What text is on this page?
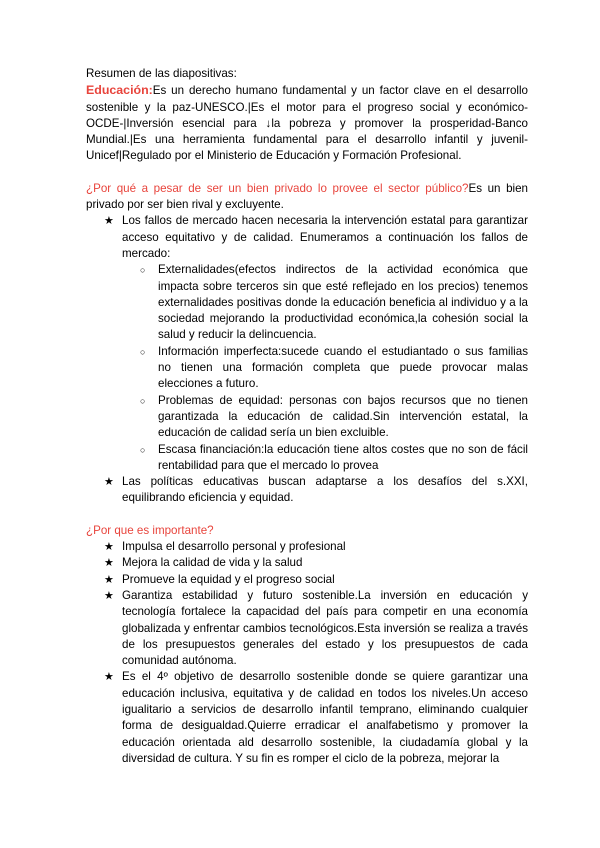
Resumen de las diapositivas:

Educación:Es un derecho humano fundamental y un factor clave en el desarrollo sostenible y la paz-UNESCO.|Es el motor para el progreso social y económico-OCDE-|Inversión esencial para ↓la pobreza y promover la prosperidad-Banco Mundial.|Es una herramienta fundamental para el desarrollo infantil y juvenil-Unicef|Regulado por el Ministerio de Educación y Formación Profesional.

¿Por qué a pesar de ser un bien privado lo provee el sector público?Es un bien privado por ser bien rival y excluyente.

★ Los fallos de mercado hacen necesaria la intervención estatal para garantizar acceso equitativo y de calidad. Enumeramos a continuación los fallos de mercado:
○ Externalidades(efectos indirectos de la actividad económica que impacta sobre terceros sin que esté reflejado en los precios) tenemos externalidades positivas donde la educación beneficia al individuo y a la sociedad mejorando la productividad económica,la cohesión social la salud y reducir la delincuencia.
○ Información imperfecta:sucede cuando el estudiantado o sus familias no tienen una formación completa que puede provocar malas elecciones a futuro.
○ Problemas de equidad: personas con bajos recursos que no tienen garantizada la educación de calidad.Sin intervención estatal, la educación de calidad sería un bien excluible.
○ Escasa financiación:la educación tiene altos costes que no son de fácil rentabilidad para que el mercado lo provea
★ Las políticas educativas buscan adaptarse a los desafíos del s.XXI, equilibrando eficiencia y equidad.

¿Por que es importante?

★ Impulsa el desarrollo personal y profesional
★ Mejora la calidad de vida y la salud
★ Promueve la equidad y el progreso social
★ Garantiza estabilidad y futuro sostenible.La inversión en educación y tecnología fortalece la capacidad del país para competir en una economía globalizada y enfrentar cambios tecnológicos.Esta inversión se realiza a través de los presupuestos generales del estado y los presupuestos de cada comunidad autónoma.
★ Es el 4º objetivo de desarrollo sostenible donde se quiere garantizar una educación inclusiva, equitativa y de calidad en todos los niveles.Un acceso igualitario a servicios de desarrollo infantil temprano, eliminando cualquier forma de desigualdad.Quierre erradicar el analfabetismo y promover la educación orientada ald desarrollo sostenible, la ciudadamía global y la diversidad de cultura. Y su fin es romper el ciclo de la pobreza, mejorar la
